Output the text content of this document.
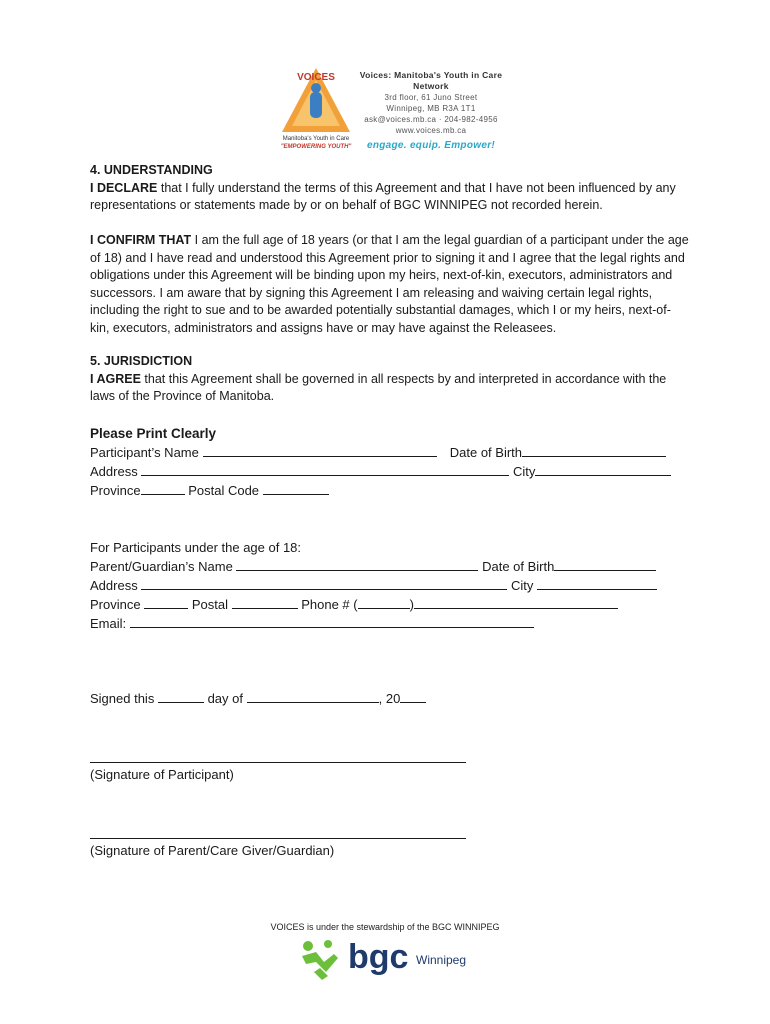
VOICES
Manitoba's Youth in Care
"EMPOWERING YOUTH"
Voices: Manitoba's Youth in Care Network
3rd floor, 61 Juno Street
Winnipeg, MB R3A 1T1
ask@voices.mb.ca · 204-982-4956
www.voices.mb.ca
engage. equip. Empower!
4. UNDERSTANDING
I DECLARE that I fully understand the terms of this Agreement and that I have not been influenced by any representations or statements made by or on behalf of BGC WINNIPEG not recorded herein.
I CONFIRM THAT I am the full age of 18 years (or that I am the legal guardian of a participant under the age of 18) and I have read and understood this Agreement prior to signing it and I agree that the legal rights and obligations under this Agreement will be binding upon my heirs, next-of-kin, executors, administrators and successors. I am aware that by signing this Agreement I am releasing and waiving certain legal rights, including the right to sue and to be awarded potentially substantial damages, which I or my heirs, next-of-kin, executors, administrators and assigns have or may have against the Releasees.
5. JURISDICTION
I AGREE that this Agreement shall be governed in all respects by and interpreted in accordance with the laws of the Province of Manitoba.
Please Print Clearly
Participant’s Name	Date of Birth
Address	City
Province	Postal Code
For Participants under the age of 18:
Parent/Guardian’s Name	Date of Birth
Address	City
Province	Postal	Phone # (	)
Email:
Signed this	day of	, 20
(Signature of Participant)
(Signature of Parent/Care Giver/Guardian)
VOICES is under the stewardship of the BGC WINNIPEG
bgc Winnipeg
